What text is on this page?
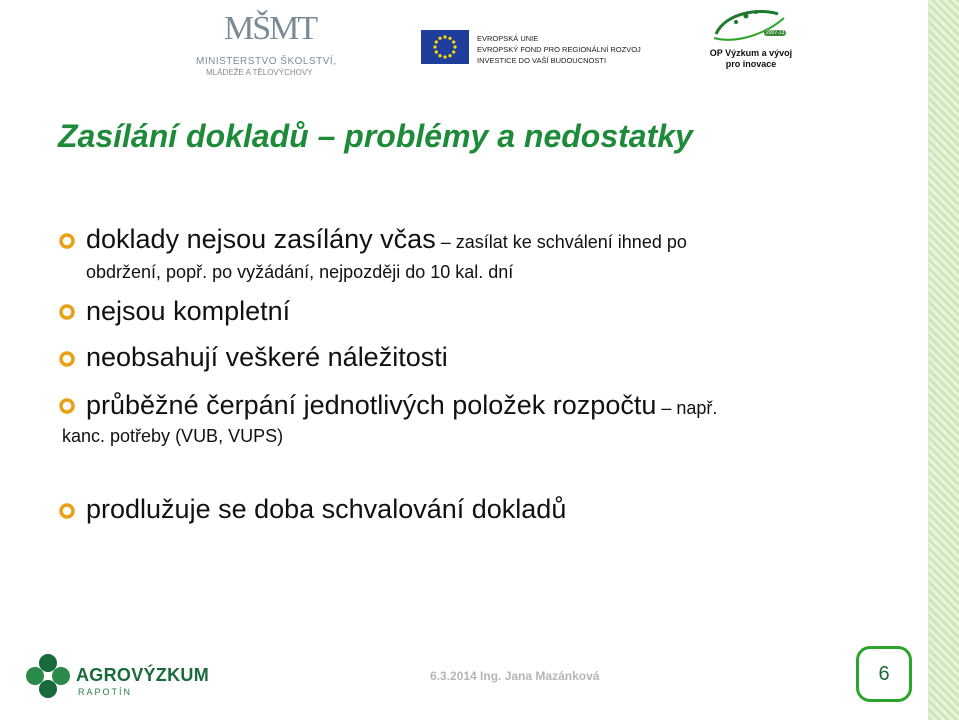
MŠMT
MINISTERSTVO ŠKOLSTVÍ,
MLÁDEŽE A TĚLOVÝCHOVY
EVROPSKÁ UNIE
EVROPSKÝ FOND PRO REGIONÁLNÍ ROZVOJ
INVESTICE DO VAŠÍ BUDOUCNOSTI
2007-13
OP Výzkum a vývoj
pro inovace
Zasílání dokladů – problémy a nedostatky
doklady nejsou zasílány včas – zasílat ke schválení ihned po
obdržení, popř. po vyžádání, nejpozději do 10 kal. dní
nejsou kompletní
neobsahují veškeré náležitosti
průběžné čerpání jednotlivých položek rozpočtu – např.
kanc. potřeby (VUB, VUPS)
prodlužuje se doba schvalování dokladů
AGROVÝZKUM
RAPOTÍN
6.3.2014 Ing. Jana Mazánková	6
